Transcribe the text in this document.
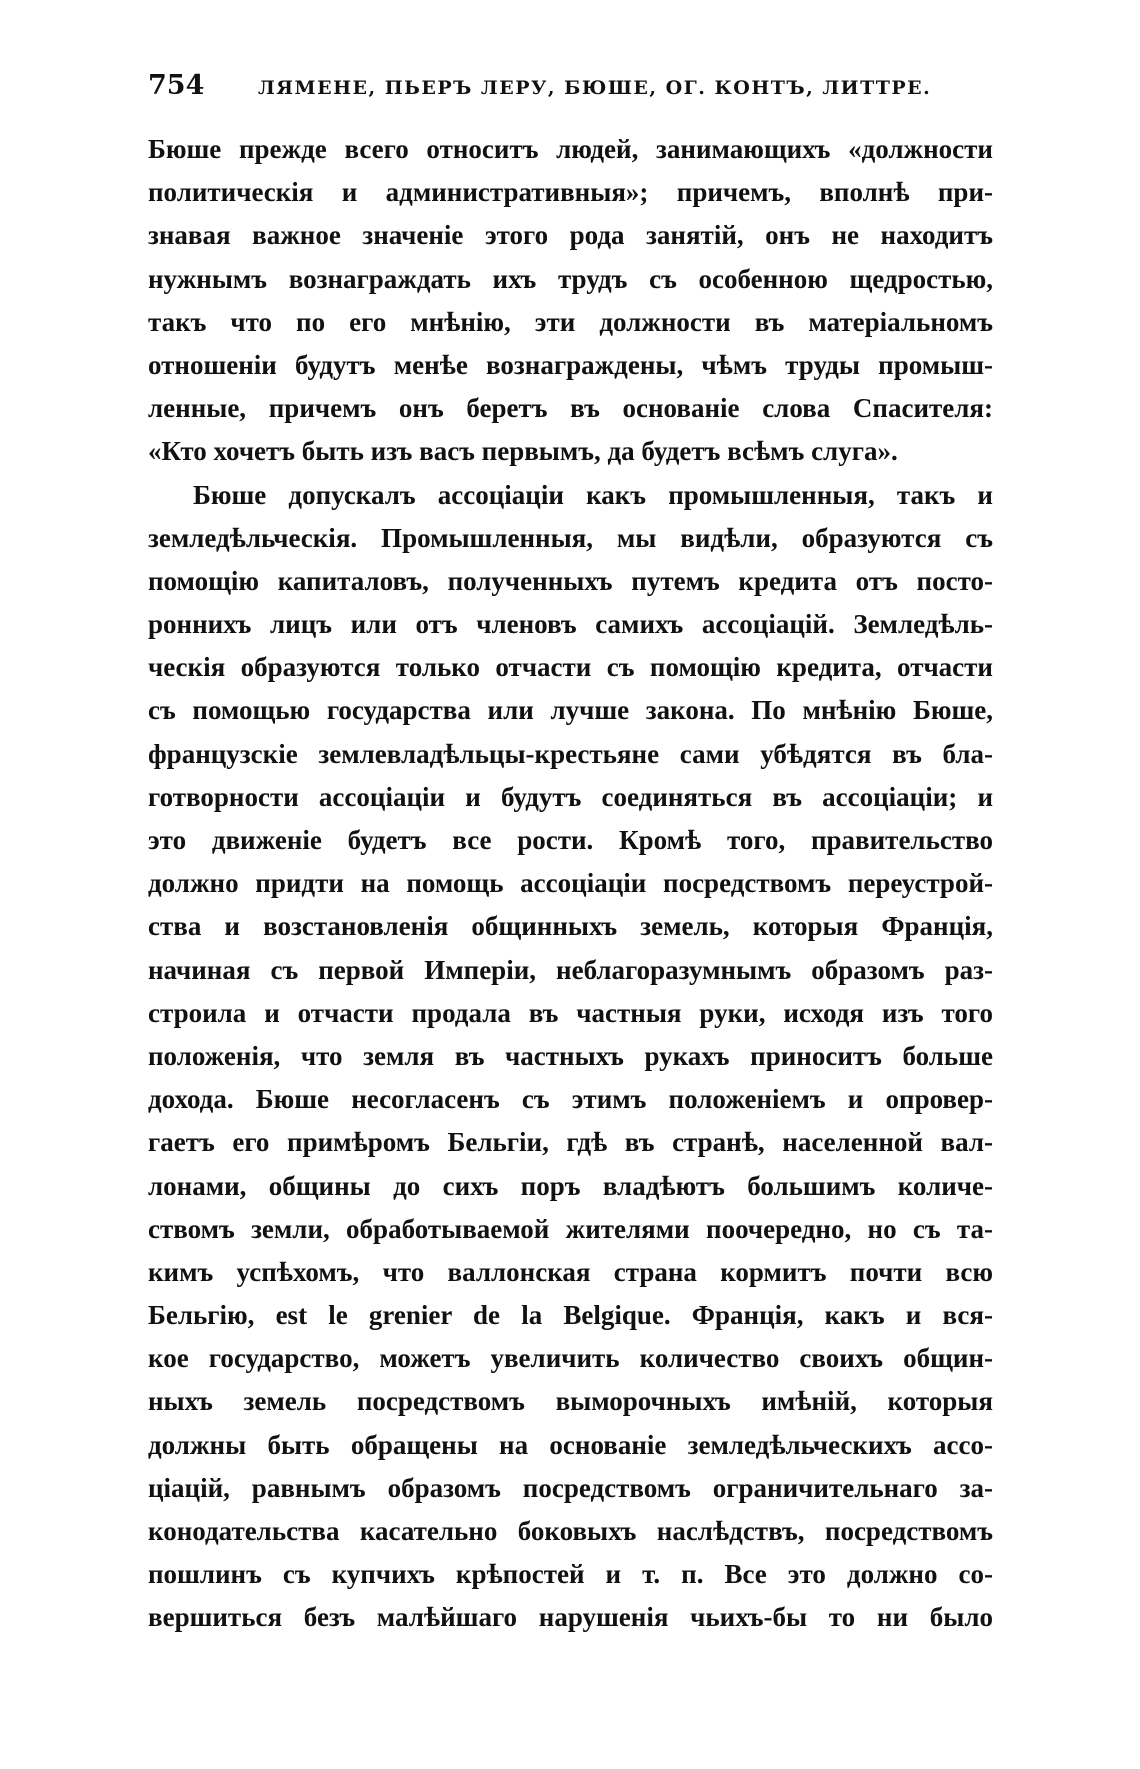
754	ЛЯМЕНЕ, ПЬЕРЪ ЛЕРУ, БЮШЕ, ОГ. КОНТЪ, ЛИТТРЕ.
Бюше прежде всего относитъ людей, занимающихъ «должности
политическія и административныя»; причемъ, вполнѣ при-
знавая важное значеніе этого рода занятій, онъ не находитъ
нужнымъ вознаграждать ихъ трудъ съ особенною щедростью,
такъ что по его мнѣнію, эти должности въ матеріальномъ
отношеніи будутъ менѣе вознаграждены, чѣмъ труды промыш-
ленные, причемъ онъ беретъ въ основаніе слова Спасителя:
«Кто хочетъ быть изъ васъ первымъ, да будетъ всѣмъ слуга».
Бюше допускалъ ассоціаціи какъ промышленныя, такъ и
земледѣльческія. Промышленныя, мы видѣли, образуются съ
помощію капиталовъ, полученныхъ путемъ кредита отъ посто-
роннихъ лицъ или отъ членовъ самихъ ассоціацій. Земледѣль-
ческія образуются только отчасти съ помощію кредита, отчасти
съ помощью государства или лучше закона. По мнѣнію Бюше,
французскіе землевладѣльцы-крестьяне сами убѣдятся въ бла-
готворности ассоціаціи и будутъ соединяться въ ассоціаціи; и
это движеніе будетъ все рости. Кромѣ того, правительство
должно придти на помощь ассоціаціи посредствомъ переустрой-
ства и возстановленія общинныхъ земель, которыя Франція,
начиная съ первой Имперіи, неблагоразумнымъ образомъ раз-
строила и отчасти продала въ частныя руки, исходя изъ того
положенія, что земля въ частныхъ рукахъ приноситъ больше
дохода. Бюше несогласенъ съ этимъ положеніемъ и опровер-
гаетъ его примѣромъ Бельгіи, гдѣ въ странѣ, населенной вал-
лонами, общины до сихъ поръ владѣютъ большимъ количе-
ствомъ земли, обработываемой жителями поочередно, но съ та-
кимъ успѣхомъ, что валлонская страна кормитъ почти всю
Бельгію, est le grenier de la Belgique. Франція, какъ и вся-
кое государство, можетъ увеличить количество своихъ общин-
ныхъ земель посредствомъ выморочныхъ имѣній, которыя
должны быть обращены на основаніе земледѣльческихъ ассо-
ціацій, равнымъ образомъ посредствомъ ограничительнаго за-
конодательства касательно боковыхъ наслѣдствъ, посредствомъ
пошлинъ съ купчихъ крѣпостей и т. п. Все это должно со-
вершиться безъ малѣйшаго нарушенія чьихъ-бы то ни было
